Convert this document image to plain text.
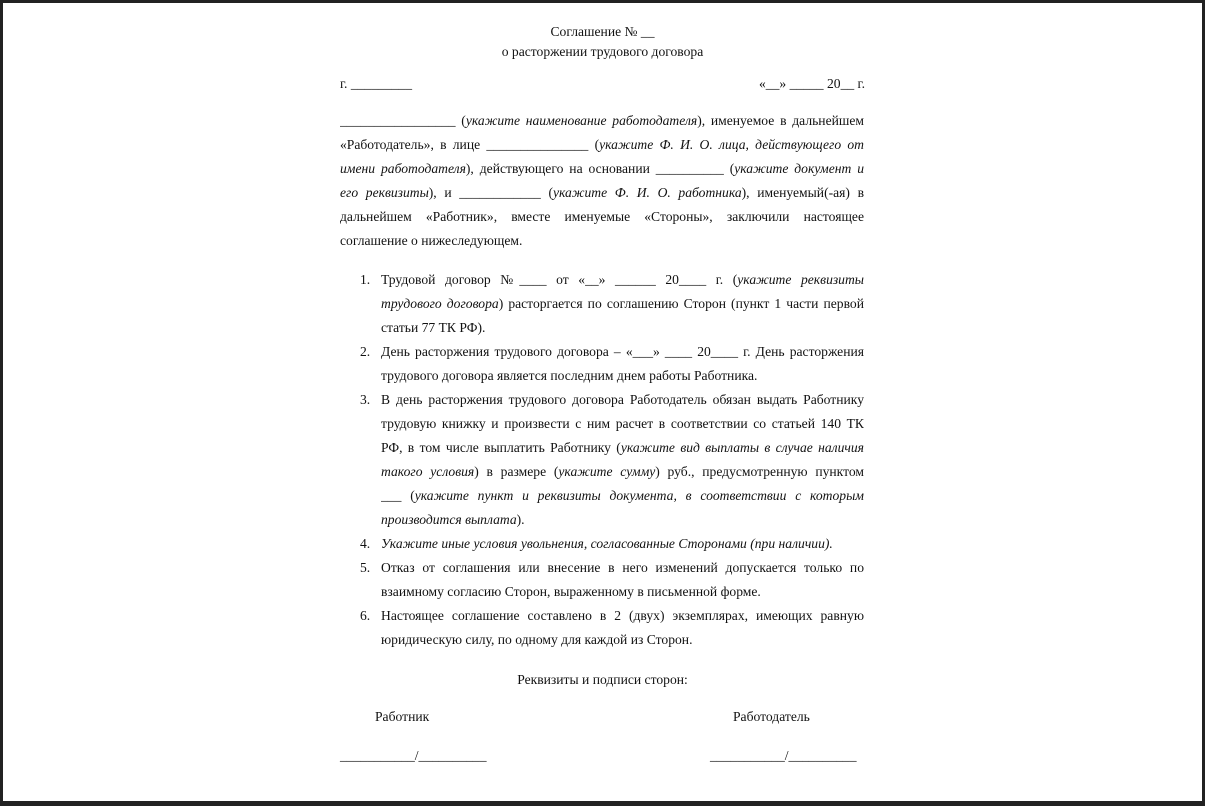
Соглашение № __
о расторжении трудового договора
г. _________	«__» _____ 20__ г.
_________________ (укажите наименование работодателя), именуемое в дальнейшем
«Работодатель», в лице _______________ (укажите Ф. И. О. лица, действующего от
имени работодателя), действующего на основании __________ (укажите документ и
его реквизиты), и ____________ (укажите Ф. И. О. работника), именуемый(-ая) в
дальнейшем «Работник», вместе именуемые «Стороны», заключили настоящее
соглашение о нижеследующем.
1. Трудовой договор №____ от «__» ______ 20____ г. (укажите реквизиты
трудового договора) расторгается по соглашению Сторон (пункт 1 части первой
статьи 77 ТК РФ).
2. День расторжения трудового договора – «___» ____ 20____ г. День расторжения
трудового договора является последним днем работы Работника.
3. В день расторжения трудового договора Работодатель обязан выдать Работнику
трудовую книжку и произвести с ним расчет в соответствии со статьей 140 ТК
РФ, в том числе выплатить Работнику (укажите вид выплаты в случае наличия
такого условия) в размере (укажите сумму) руб., предусмотренную пунктом
___ (укажите пункт и реквизиты документа, в соответствии с которым
производится выплата).
4. Укажите иные условия увольнения, согласованные Сторонами (при наличии).
5. Отказ от соглашения или внесение в него изменений допускается только по
взаимному согласию Сторон, выраженному в письменной форме.
6. Настоящее соглашение составлено в 2 (двух) экземплярах, имеющих равную
юридическую силу, по одному для каждой из Сторон.
Реквизиты и подписи сторон:
Работник	Работодатель
___________/__________	___________/__________
